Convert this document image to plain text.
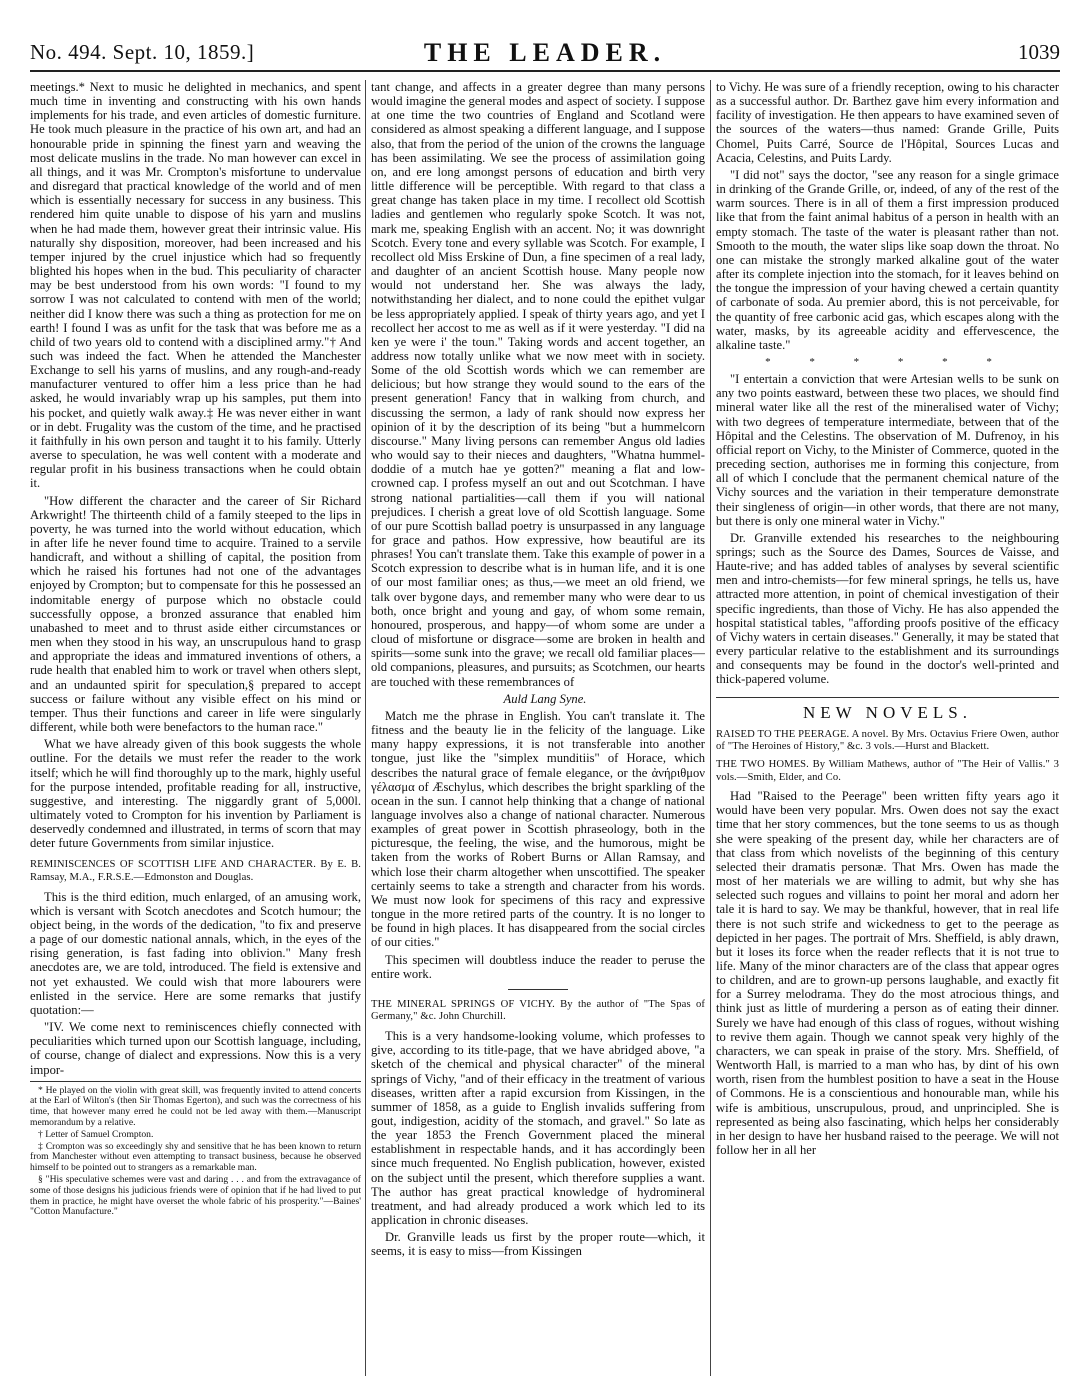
No. 494. Sept. 10, 1859.]	THE LEADER.	1039

meetings.* Next to music he delighted in mechanics, and spent much time in inventing and constructing with his own hands implements for his trade, and even articles of domestic furniture. He took much pleasure in the practice of his own art, and had an honourable pride in spinning the finest yarn and weaving the most delicate muslins in the trade. No man however can excel in all things, and it was Mr. Crompton's misfortune to undervalue and disregard that practical knowledge of the world and of men which is essentially necessary for success in any business. This rendered him quite unable to dispose of his yarn and muslins when he had made them, however great their intrinsic value. His naturally shy disposition, moreover, had been increased and his temper injured by the cruel injustice which had so frequently blighted his hopes when in the bud. This peculiarity of character may be best understood from his own words: "I found to my sorrow I was not calculated to contend with men of the world; neither did I know there was such a thing as protection for me on earth! I found I was as unfit for the task that was before me as a child of two years old to contend with a disciplined army."† And such was indeed the fact. When he attended the Manchester Exchange to sell his yarns of muslins, and any rough-and-ready manufacturer ventured to offer him a less price than he had asked, he would invariably wrap up his samples, put them into his pocket, and quietly walk away.‡ He was never either in want or in debt. Frugality was the custom of the time, and he practised it faithfully in his own person and taught it to his family. Utterly averse to speculation, he was well content with a moderate and regular profit in his business transactions when he could obtain it.

"How different the character and the career of Sir Richard Arkwright! The thirteenth child of a family steeped to the lips in poverty, he was turned into the world without education, which in after life he never found time to acquire. Trained to a servile handicraft, and without a shilling of capital, the position from which he raised his fortunes had not one of the advantages enjoyed by Crompton; but to compensate for this he possessed an indomitable energy of purpose which no obstacle could successfully oppose, a bronzed assurance that enabled him unabashed to meet and to thrust aside either circumstances or men when they stood in his way, an unscrupulous hand to grasp and appropriate the ideas and immatured inventions of others, a rude health that enabled him to work or travel when others slept, and an undaunted spirit for speculation,§ prepared to accept success or failure without any visible effect on his mind or temper. Thus their functions and career in life were singularly different, while both were benefactors to the human race."

What we have already given of this book suggests the whole outline. For the details we must refer the reader to the work itself; which he will find thoroughly up to the mark, highly useful for the purpose intended, profitable reading for all, instructive, suggestive, and interesting. The niggardly grant of 5,000l. ultimately voted to Crompton for his invention by Parliament is deservedly condemned and illustrated, in terms of scorn that may deter future Governments from similar injustice.

REMINISCENCES OF SCOTTISH LIFE AND CHARACTER. By E. B. Ramsay, M.A., F.R.S.E.—Edmonston and Douglas.

This is the third edition, much enlarged, of an amusing work, which is versant with Scotch anecdotes and Scotch humour; the object being, in the words of the dedication, "to fix and preserve a page of our domestic national annals, which, in the eyes of the rising generation, is fast fading into oblivion." Many fresh anecdotes are, we are told, introduced. The field is extensive and not yet exhausted. We could wish that more labourers were enlisted in the service. Here are some remarks that justify quotation:—

"IV. We come next to reminiscences chiefly connected with peculiarities which turned upon our Scottish language, including, of course, change of dialect and expressions. Now this is a very impor-

* He played on the violin with great skill, was frequently invited to attend concerts at the Earl of Wilton's (then Sir Thomas Egerton), and such was the correctness of his time, that however many erred he could not be led away with them.—Manuscript memorandum by a relative.

† Letter of Samuel Crompton.

‡ Crompton was so exceedingly shy and sensitive that he has been known to return from Manchester without even attempting to transact business, because he observed himself to be pointed out to strangers as a remarkable man.

§ "His speculative schemes were vast and daring . . . and from the extravagance of some of those designs his judicious friends were of opinion that if he had lived to put them in practice, he might have overset the whole fabric of his prosperity."—Baines' "Cotton Manufacture."

tant change, and affects in a greater degree than many persons would imagine the general modes and aspect of society. I suppose at one time the two countries of England and Scotland were considered as almost speaking a different language, and I suppose also, that from the period of the union of the crowns the language has been assimilating. We see the process of assimilation going on, and ere long amongst persons of education and birth very little difference will be perceptible. With regard to that class a great change has taken place in my time. I recollect old Scottish ladies and gentlemen who regularly spoke Scotch. It was not, mark me, speaking English with an accent. No; it was downright Scotch. Every tone and every syllable was Scotch. For example, I recollect old Miss Erskine of Dun, a fine specimen of a real lady, and daughter of an ancient Scottish house. Many people now would not understand her. She was always the lady, notwithstanding her dialect, and to none could the epithet vulgar be less appropriately applied. I speak of thirty years ago, and yet I recollect her accost to me as well as if it were yesterday. "I did na ken ye were i' the toun." Taking words and accent together, an address now totally unlike what we now meet with in society. Some of the old Scottish words which we can remember are delicious; but how strange they would sound to the ears of the present generation! Fancy that in walking from church, and discussing the sermon, a lady of rank should now express her opinion of it by the description of its being "but a hummelcorn discourse." Many living persons can remember Angus old ladies who would say to their nieces and daughters, "Whatna hummel-doddie of a mutch hae ye gotten?" meaning a flat and low-crowned cap. I profess myself an out and out Scotchman. I have strong national partialities—call them if you will national prejudices. I cherish a great love of old Scottish language. Some of our pure Scottish ballad poetry is unsurpassed in any language for grace and pathos. How expressive, how beautiful are its phrases! You can't translate them. Take this example of power in a Scotch expression to describe what is in human life, and it is one of our most familiar ones; as thus,—we meet an old friend, we talk over bygone days, and remember many who were dear to us both, once bright and young and gay, of whom some remain, honoured, prosperous, and happy—of whom some are under a cloud of misfortune or disgrace—some are broken in health and spirits—some sunk into the grave; we recall old familiar places—old companions, pleasures, and pursuits; as Scotchmen, our hearts are touched with these remembrances of

Auld Lang Syne.

Match me the phrase in English. You can't translate it. The fitness and the beauty lie in the felicity of the language. Like many happy expressions, it is not transferable into another tongue, just like the "simplex munditiis" of Horace, which describes the natural grace of female elegance, or the ἀνήριθμον γέλασμα of Æschylus, which describes the bright sparkling of the ocean in the sun. I cannot help thinking that a change of national language involves also a change of national character. Numerous examples of great power in Scottish phraseology, both in the picturesque, the feeling, the wise, and the humorous, might be taken from the works of Robert Burns or Allan Ramsay, and which lose their charm altogether when unscottified. The speaker certainly seems to take a strength and character from his words. We must now look for specimens of this racy and expressive tongue in the more retired parts of the country. It is no longer to be found in high places. It has disappeared from the social circles of our cities."

This specimen will doubtless induce the reader to peruse the entire work.

THE MINERAL SPRINGS OF VICHY. By the author of "The Spas of Germany," &c. John Churchill.

This is a very handsome-looking volume, which professes to give, according to its title-page, that we have abridged above, "a sketch of the chemical and physical character" of the mineral springs of Vichy, "and of their efficacy in the treatment of various diseases, written after a rapid excursion from Kissingen, in the summer of 1858, as a guide to English invalids suffering from gout, indigestion, acidity of the stomach, and gravel." So late as the year 1853 the French Government placed the mineral establishment in respectable hands, and it has accordingly been since much frequented. No English publication, however, existed on the subject until the present, which therefore supplies a want. The author has great practical knowledge of hydromineral treatment, and had already produced a work which led to its application in chronic diseases.

Dr. Granville leads us first by the proper route—which, it seems, it is easy to miss—from Kissingen

to Vichy. He was sure of a friendly reception, owing to his character as a successful author. Dr. Barthez gave him every information and facility of investigation. He then appears to have examined seven of the sources of the waters—thus named: Grande Grille, Puits Chomel, Puits Carré, Source de l'Hôpital, Sources Lucas and Acacia, Celestins, and Puits Lardy.

"I did not" says the doctor, "see any reason for a single grimace in drinking of the Grande Grille, or, indeed, of any of the rest of the warm sources. There is in all of them a first impression produced like that from the faint animal habitus of a person in health with an empty stomach. The taste of the water is pleasant rather than not. Smooth to the mouth, the water slips like soap down the throat. No one can mistake the strongly marked alkaline gout of the water after its complete injection into the stomach, for it leaves behind on the tongue the impression of your having chewed a certain quantity of carbonate of soda. Au premier abord, this is not perceivable, for the quantity of free carbonic acid gas, which escapes along with the water, masks, by its agreeable acidity and effervescence, the alkaline taste."

* * * * * *

"I entertain a conviction that were Artesian wells to be sunk on any two points eastward, between these two places, we should find mineral water like all the rest of the mineralised water of Vichy; with two degrees of temperature intermediate, between that of the Hôpital and the Celestins. The observation of M. Dufrenoy, in his official report on Vichy, to the Minister of Commerce, quoted in the preceding section, authorises me in forming this conjecture, from all of which I conclude that the permanent chemical nature of the Vichy sources and the variation in their temperature demonstrate their singleness of origin—in other words, that there are not many, but there is only one mineral water in Vichy."

Dr. Granville extended his researches to the neighbouring springs; such as the Source des Dames, Sources de Vaisse, and Haute-rive; and has added tables of analyses by several scientific men and intro-chemists—for few mineral springs, he tells us, have attracted more attention, in point of chemical investigation of their specific ingredients, than those of Vichy. He has also appended the hospital statistical tables, "affording proofs positive of the efficacy of Vichy waters in certain diseases." Generally, it may be stated that every particular relative to the establishment and its surroundings and consequents may be found in the doctor's well-printed and thick-papered volume.

NEW NOVELS.

RAISED TO THE PEERAGE. A novel. By Mrs. Octavius Friere Owen, author of "The Heroines of History," &c. 3 vols.—Hurst and Blackett.

THE TWO HOMES. By William Mathews, author of "The Heir of Vallis." 3 vols.—Smith, Elder, and Co.

Had "Raised to the Peerage" been written fifty years ago it would have been very popular. Mrs. Owen does not say the exact time that her story commences, but the tone seems to us as though she were speaking of the present day, while her characters are of that class from which novelists of the beginning of this century selected their dramatis personæ. That Mrs. Owen has made the most of her materials we are willing to admit, but why she has selected such rogues and villains to point her moral and adorn her tale it is hard to say. We may be thankful, however, that in real life there is not such strife and wickedness to get to the peerage as depicted in her pages. The portrait of Mrs. Sheffield, is ably drawn, but it loses its force when the reader reflects that it is not true to life. Many of the minor characters are of the class that appear ogres to children, and are to grown-up persons laughable, and exactly fit for a Surrey melodrama. They do the most atrocious things, and think just as little of murdering a person as of eating their dinner. Surely we have had enough of this class of rogues, without wishing to revive them again. Though we cannot speak very highly of the characters, we can speak in praise of the story. Mrs. Sheffield, of Wentworth Hall, is married to a man who has, by dint of his own worth, risen from the humblest position to have a seat in the House of Commons. He is a conscientious and honourable man, while his wife is ambitious, unscrupulous, proud, and unprincipled. She is represented as being also fascinating, which helps her considerably in her design to have her husband raised to the peerage. We will not follow her in all her
